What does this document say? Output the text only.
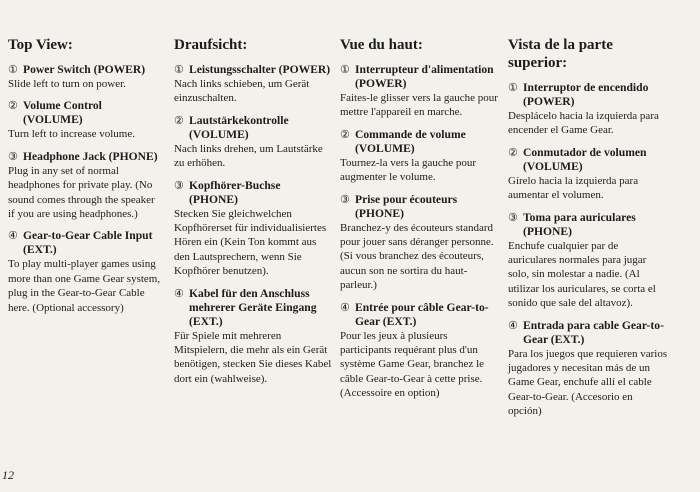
Top View:
① Power Switch (POWER)
Slide left to turn on power.
② Volume Control (VOLUME)
Turn left to increase volume.
③ Headphone Jack (PHONE)
Plug in any set of normal headphones for private play. (No sound comes through the speaker if you are using headphones.)
④ Gear-to-Gear Cable Input (EXT.)
To play multi-player games using more than one Game Gear system, plug in the Gear-to-Gear Cable here. (Optional accessory)
Draufsicht:
① Leistungsschalter (POWER)
Nach links schieben, um Gerät einzuschalten.
② Lautstärkekontrolle (VOLUME)
Nach links drehen, um Lautstärke zu erhöhen.
③ Kopfhörer-Buchse (PHONE)
Stecken Sie gleichwelchen Kopfhörerset für individualisiertes Hören ein (Kein Ton kommt aus den Lautsprechern, wenn Sie Kopfhörer benutzen).
④ Kabel für den Anschluss mehrerer Geräte Eingang (EXT.)
Für Spiele mit mehreren Mitspielern, die mehr als ein Gerät benötigen, stecken Sie dieses Kabel dort ein (wahlweise).
Vue du haut:
① Interrupteur d'alimentation (POWER)
Faites-le glisser vers la gauche pour mettre l'appareil en marche.
② Commande de volume (VOLUME)
Tournez-la vers la gauche pour augmenter le volume.
③ Prise pour écouteurs (PHONE)
Branchez-y des écouteurs standard pour jouer sans déranger personne. (Si vous branchez des écouteurs, aucun son ne sortira du haut-parleur.)
④ Entrée pour câble Gear-to-Gear (EXT.)
Pour les jeux à plusieurs participants requérant plus d'un système Game Gear, branchez le câble Gear-to-Gear à cette prise. (Accessoire en option)
Vista de la parte superior:
① Interruptor de encendido (POWER)
Desplácelo hacia la izquierda para encender el Game Gear.
② Conmutador de volumen (VOLUME)
Gírelo hacia la izquierda para aumentar el volumen.
③ Toma para auriculares (PHONE)
Enchufe cualquier par de auriculares normales para jugar solo, sin molestar a nadie. (Al utilizar los auriculares, se corta el sonido que sale del altavoz).
④ Entrada para cable Gear-to-Gear (EXT.)
Para los juegos que requieren varios jugadores y necesitan más de un Game Gear, enchufe allí el cable Gear-to-Gear. (Accesorio en opción)
12
